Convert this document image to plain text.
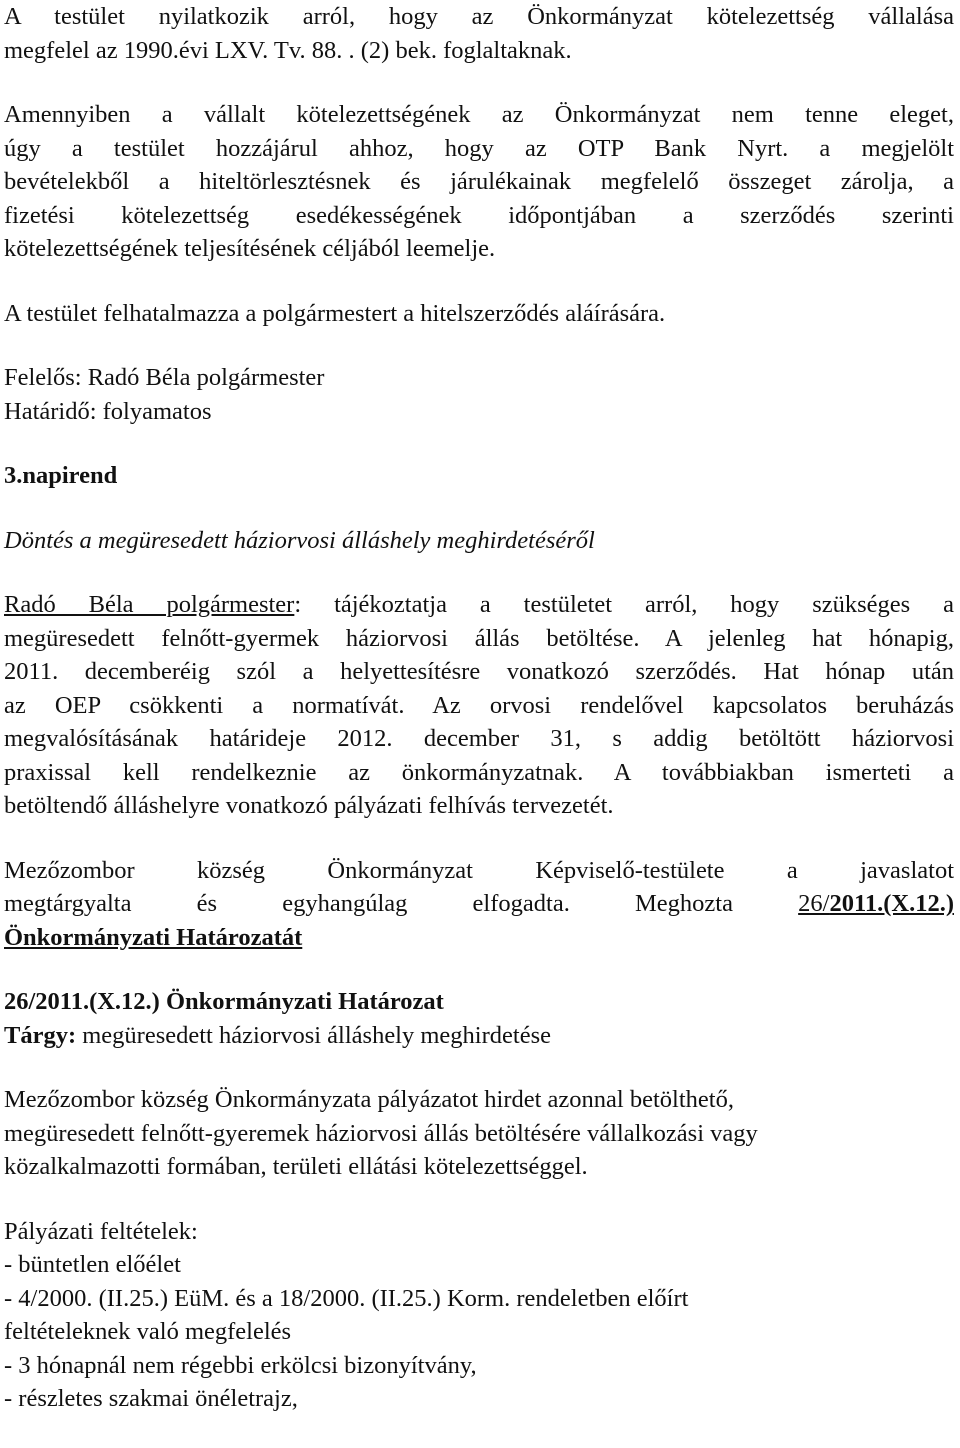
A testület nyilatkozik arról, hogy az Önkormányzat kötelezettség vállalása
megfelel az 1990.évi LXV. Tv. 88. . (2) bek. foglaltaknak.

Amennyiben a vállalt kötelezettségének az Önkormányzat nem tenne eleget,
úgy a testület hozzájárul ahhoz, hogy az OTP Bank Nyrt. a megjelölt
bevételekből a hiteltörlesztésnek és járulékainak megfelelő összeget zárolja, a
fizetési kötelezettség esedékességének időpontjában a szerződés szerinti
kötelezettségének teljesítésének céljából leemelje.

A testület felhatalmazza a polgármestert a hitelszerződés aláírására.

Felelős: Radó Béla polgármester
Határidő: folyamatos

3.napirend

Döntés a megüresedett háziorvosi álláshely meghirdetéséről

Radó Béla polgármester: tájékoztatja a testületet arról, hogy szükséges a
megüresedett felnőtt-gyermek háziorvosi állás betöltése. A jelenleg hat hónapig,
2011. decemberéig szól a helyettesítésre vonatkozó szerződés. Hat hónap után
az OEP csökkenti a normatívát. Az orvosi rendelővel kapcsolatos beruházás
megvalósításának határideje 2012. december 31, s addig betöltött háziorvosi
praxissal kell rendelkeznie az önkormányzatnak. A továbbiakban ismerteti a
betöltendő álláshelyre vonatkozó pályázati felhívás tervezetét.

Mezőzombor község Önkormányzat Képviselő-testülete a javaslatot
megtárgyalta és egyhangúlag elfogadta. Meghozta 26/2011.(X.12.)
Önkormányzati Határozatát

26/2011.(X.12.) Önkormányzati Határozat
Tárgy: megüresedett háziorvosi álláshely meghirdetése

Mezőzombor község Önkormányzata pályázatot hirdet azonnal betölthető,
megüresedett felnőtt-gyeremek háziorvosi állás betöltésére vállalkozási vagy
közalkalmazotti formában, területi ellátási kötelezettséggel.

Pályázati feltételek:
- büntetlen előélet
- 4/2000. (II.25.) EüM. és a 18/2000. (II.25.) Korm. rendeletben előírt
feltételeknek való megfelelés
- 3 hónapnál nem régebbi erkölcsi bizonyítvány,
- részletes szakmai önéletrajz,
